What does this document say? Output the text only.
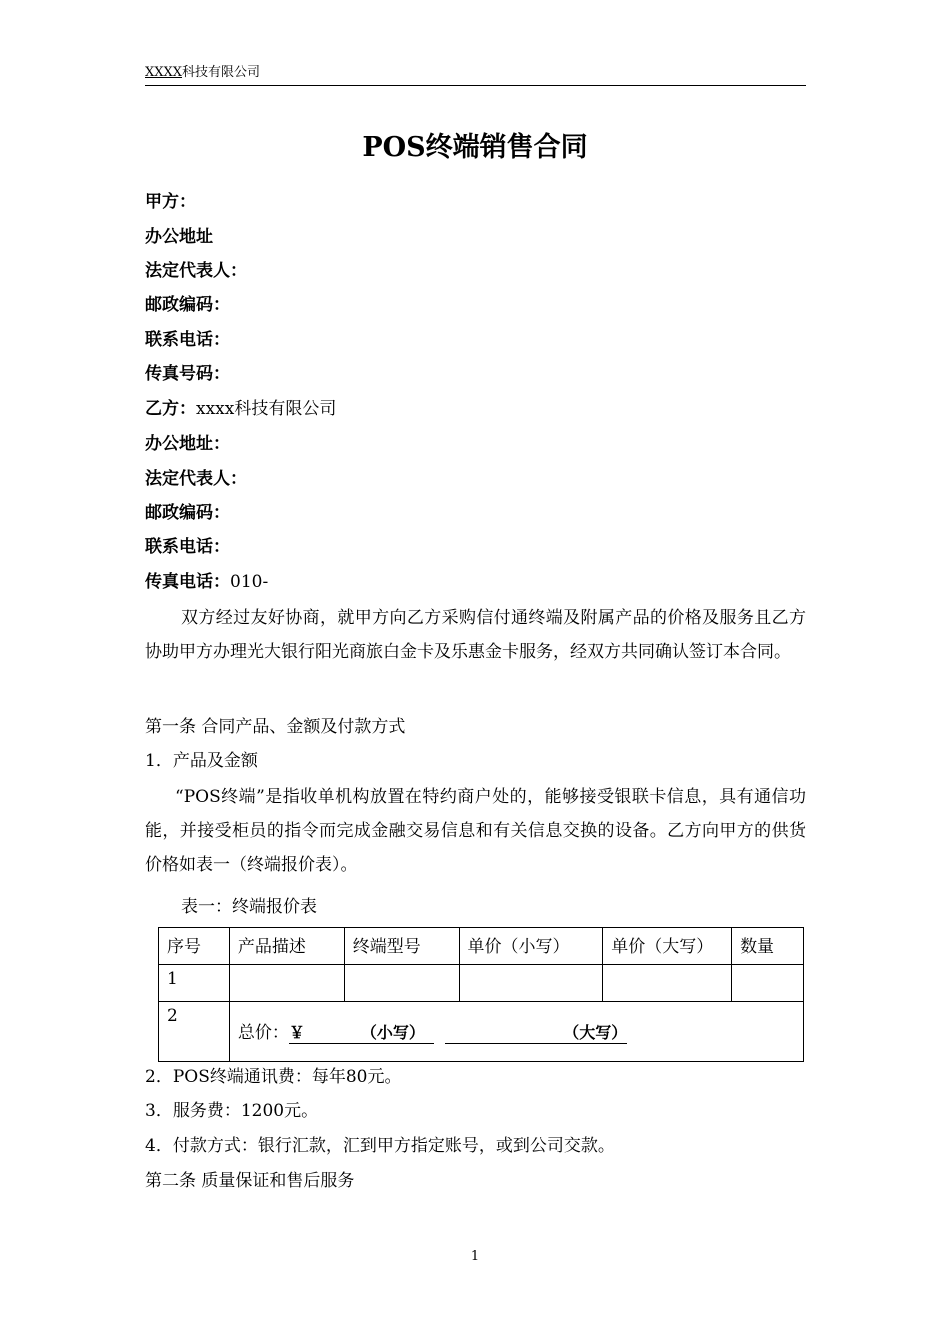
XXXX科技有限公司
POS终端销售合同
甲方：
办公地址
法定代表人：
邮政编码：
联系电话：
传真号码：
乙方：xxxx科技有限公司
办公地址：
法定代表人：
邮政编码：
联系电话：
传真电话：010-
双方经过友好协商，就甲方向乙方采购信付通终端及附属产品的价格及服务且乙方协助甲方办理光大银行阳光商旅白金卡及乐惠金卡服务，经双方共同确认签订本合同。
第一条 合同产品、金额及付款方式
1．产品及金额
“POS终端”是指收单机构放置在特约商户处的，能够接受银联卡信息，具有通信功能，并接受柜员的指令而完成金融交易信息和有关信息交换的设备。乙方向甲方的供货价格如表一（终端报价表）。
表一：终端报价表
序号	产品描述	终端型号	单价（小写）	单价（大写）	数量
1					
2	总价：￥ （小写） （大写）				
2．POS终端通讯费：每年80元。
3．服务费：1200元。
4．付款方式：银行汇款，汇到甲方指定账号，或到公司交款。
第二条 质量保证和售后服务
1
